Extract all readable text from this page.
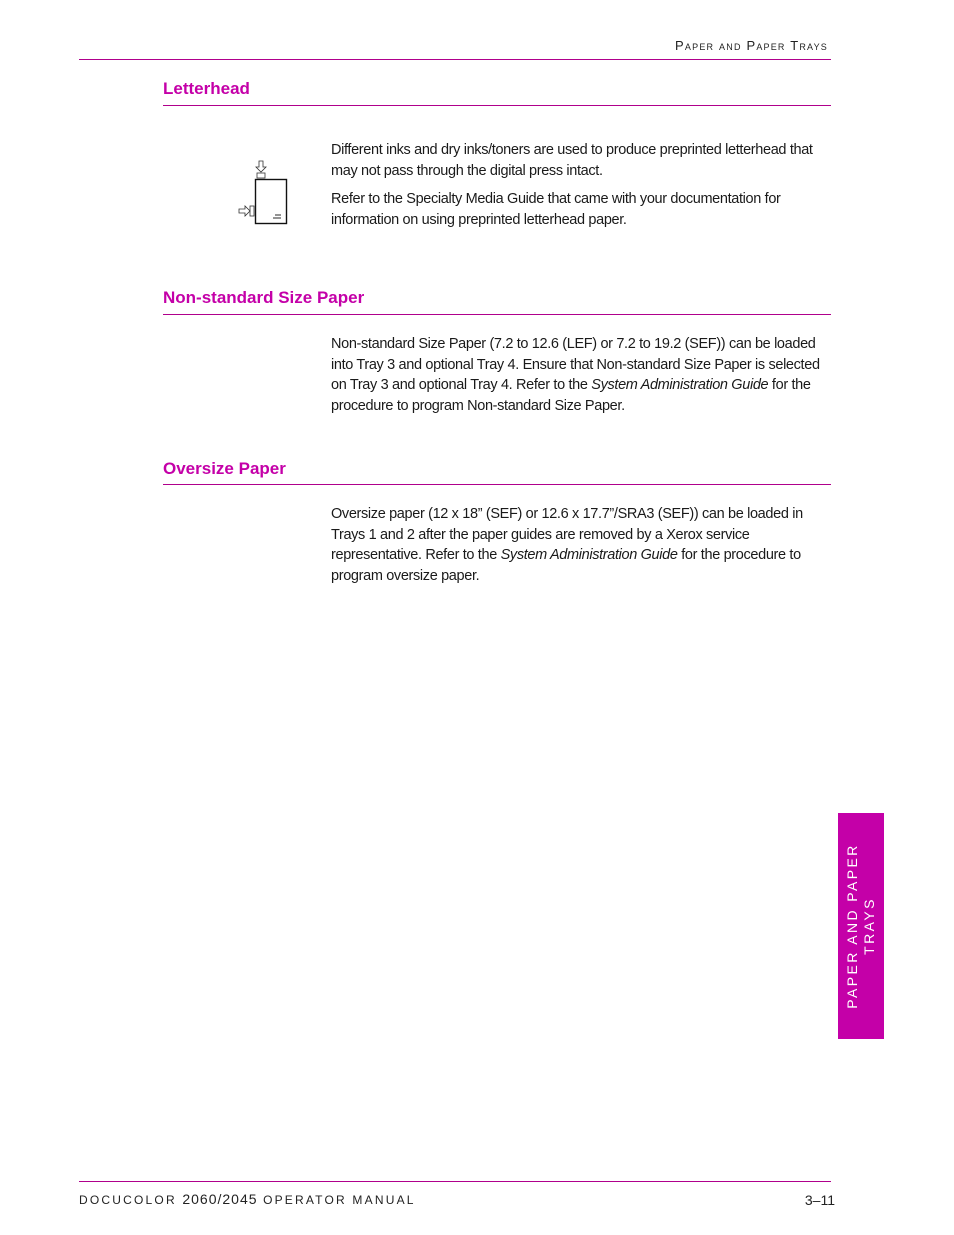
Paper and Paper Trays
Letterhead

Different inks and dry inks/toners are used to produce preprinted letterhead that may not pass through the digital press intact.

Refer to the Specialty Media Guide that came with your documentation for information on using preprinted letterhead paper.

Non-standard Size Paper

Non-standard Size Paper (7.2 to 12.6 (LEF) or 7.2 to 19.2 (SEF)) can be loaded into Tray 3 and optional Tray 4. Ensure that Non-standard Size Paper is selected on Tray 3 and optional Tray 4. Refer to the System Administration Guide for the procedure to program Non-standard Size Paper.

Oversize Paper

Oversize paper (12 x 18” (SEF) or 12.6 x 17.7”/SRA3 (SEF)) can be loaded in Trays 1 and 2 after the paper guides are removed by a Xerox service representative. Refer to the System Administration Guide for the procedure to program oversize paper.

PAPER AND PAPER TRAYS
DOCUCOLOR 2060/2045 OPERATOR MANUAL	3–11
